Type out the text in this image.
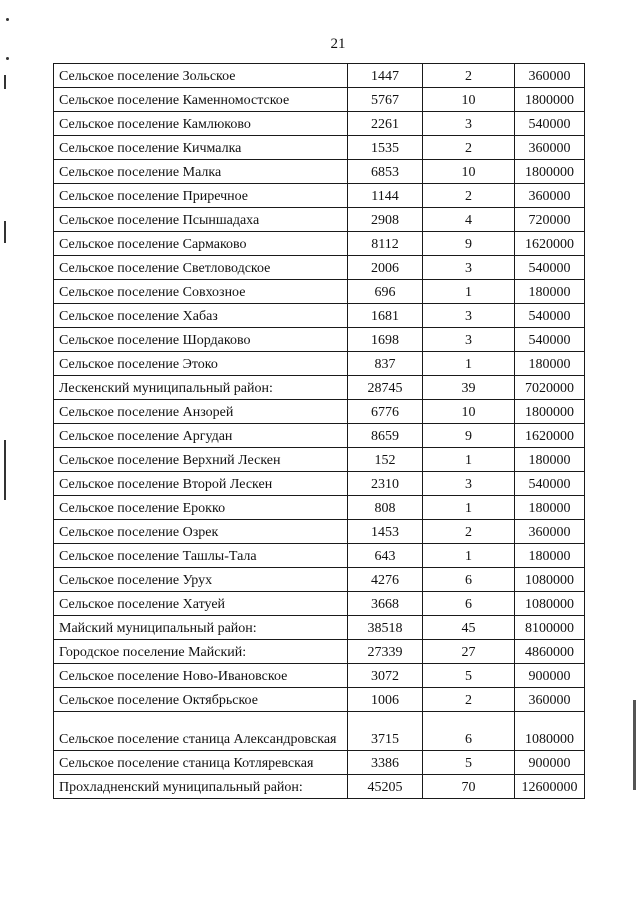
21
Сельское поселение Зольское	1447	2	360000
Сельское поселение Каменномостское	5767	10	1800000
Сельское поселение Камлюково	2261	3	540000
Сельское поселение Кичмалка	1535	2	360000
Сельское поселение Малка	6853	10	1800000
Сельское поселение Приречное	1144	2	360000
Сельское поселение Псыншадаха	2908	4	720000
Сельское поселение Сармаково	8112	9	1620000
Сельское поселение Светловодское	2006	3	540000
Сельское поселение Совхозное	696	1	180000
Сельское поселение Хабаз	1681	3	540000
Сельское поселение Шордаково	1698	3	540000
Сельское поселение Этоко	837	1	180000
Лескенский муниципальный район:	28745	39	7020000
Сельское поселение Анзорей	6776	10	1800000
Сельское поселение Аргудан	8659	9	1620000
Сельское поселение Верхний Лескен	152	1	180000
Сельское поселение Второй Лескен	2310	3	540000
Сельское поселение Ерокко	808	1	180000
Сельское поселение Озрек	1453	2	360000
Сельское поселение Ташлы-Тала	643	1	180000
Сельское поселение Урух	4276	6	1080000
Сельское поселение Хатуей	3668	6	1080000
Майский муниципальный район:	38518	45	8100000
Городское поселение Майский:	27339	27	4860000
Сельское поселение Ново-Ивановское	3072	5	900000
Сельское поселение Октябрьское	1006	2	360000
Сельское поселение станица Александровская	3715	6	1080000
Сельское поселение станица Котляревская	3386	5	900000
Прохладненский муниципальный район:	45205	70	12600000
